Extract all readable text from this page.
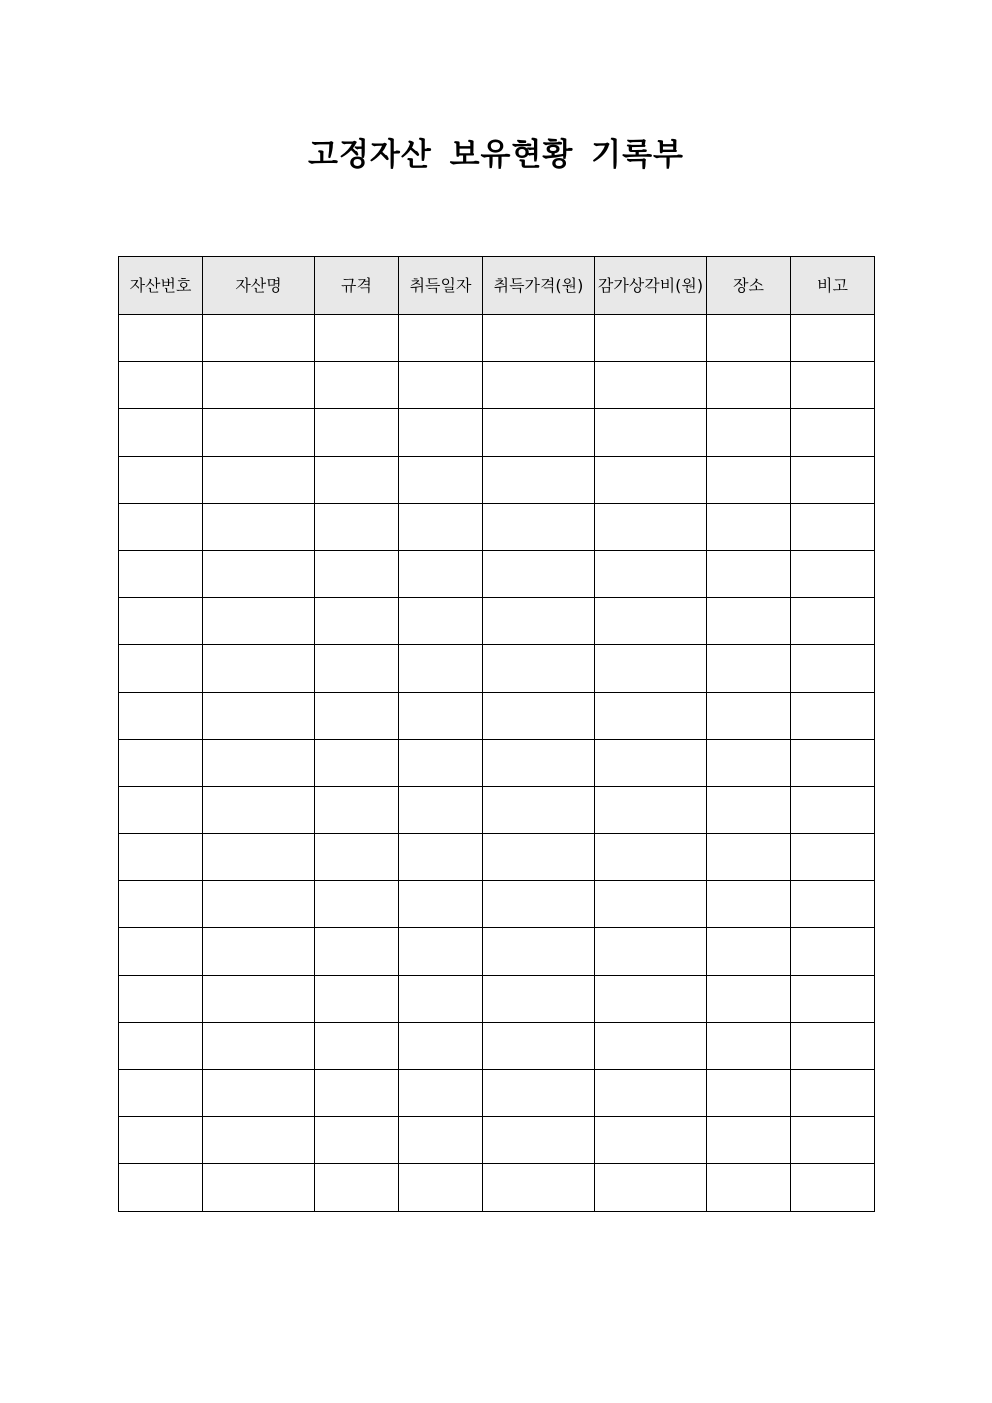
고정자산 보유현황 기록부
자산번호	자산명	규격	취득일자	취득가격(원)	감가상각비(원)	장소	비고
